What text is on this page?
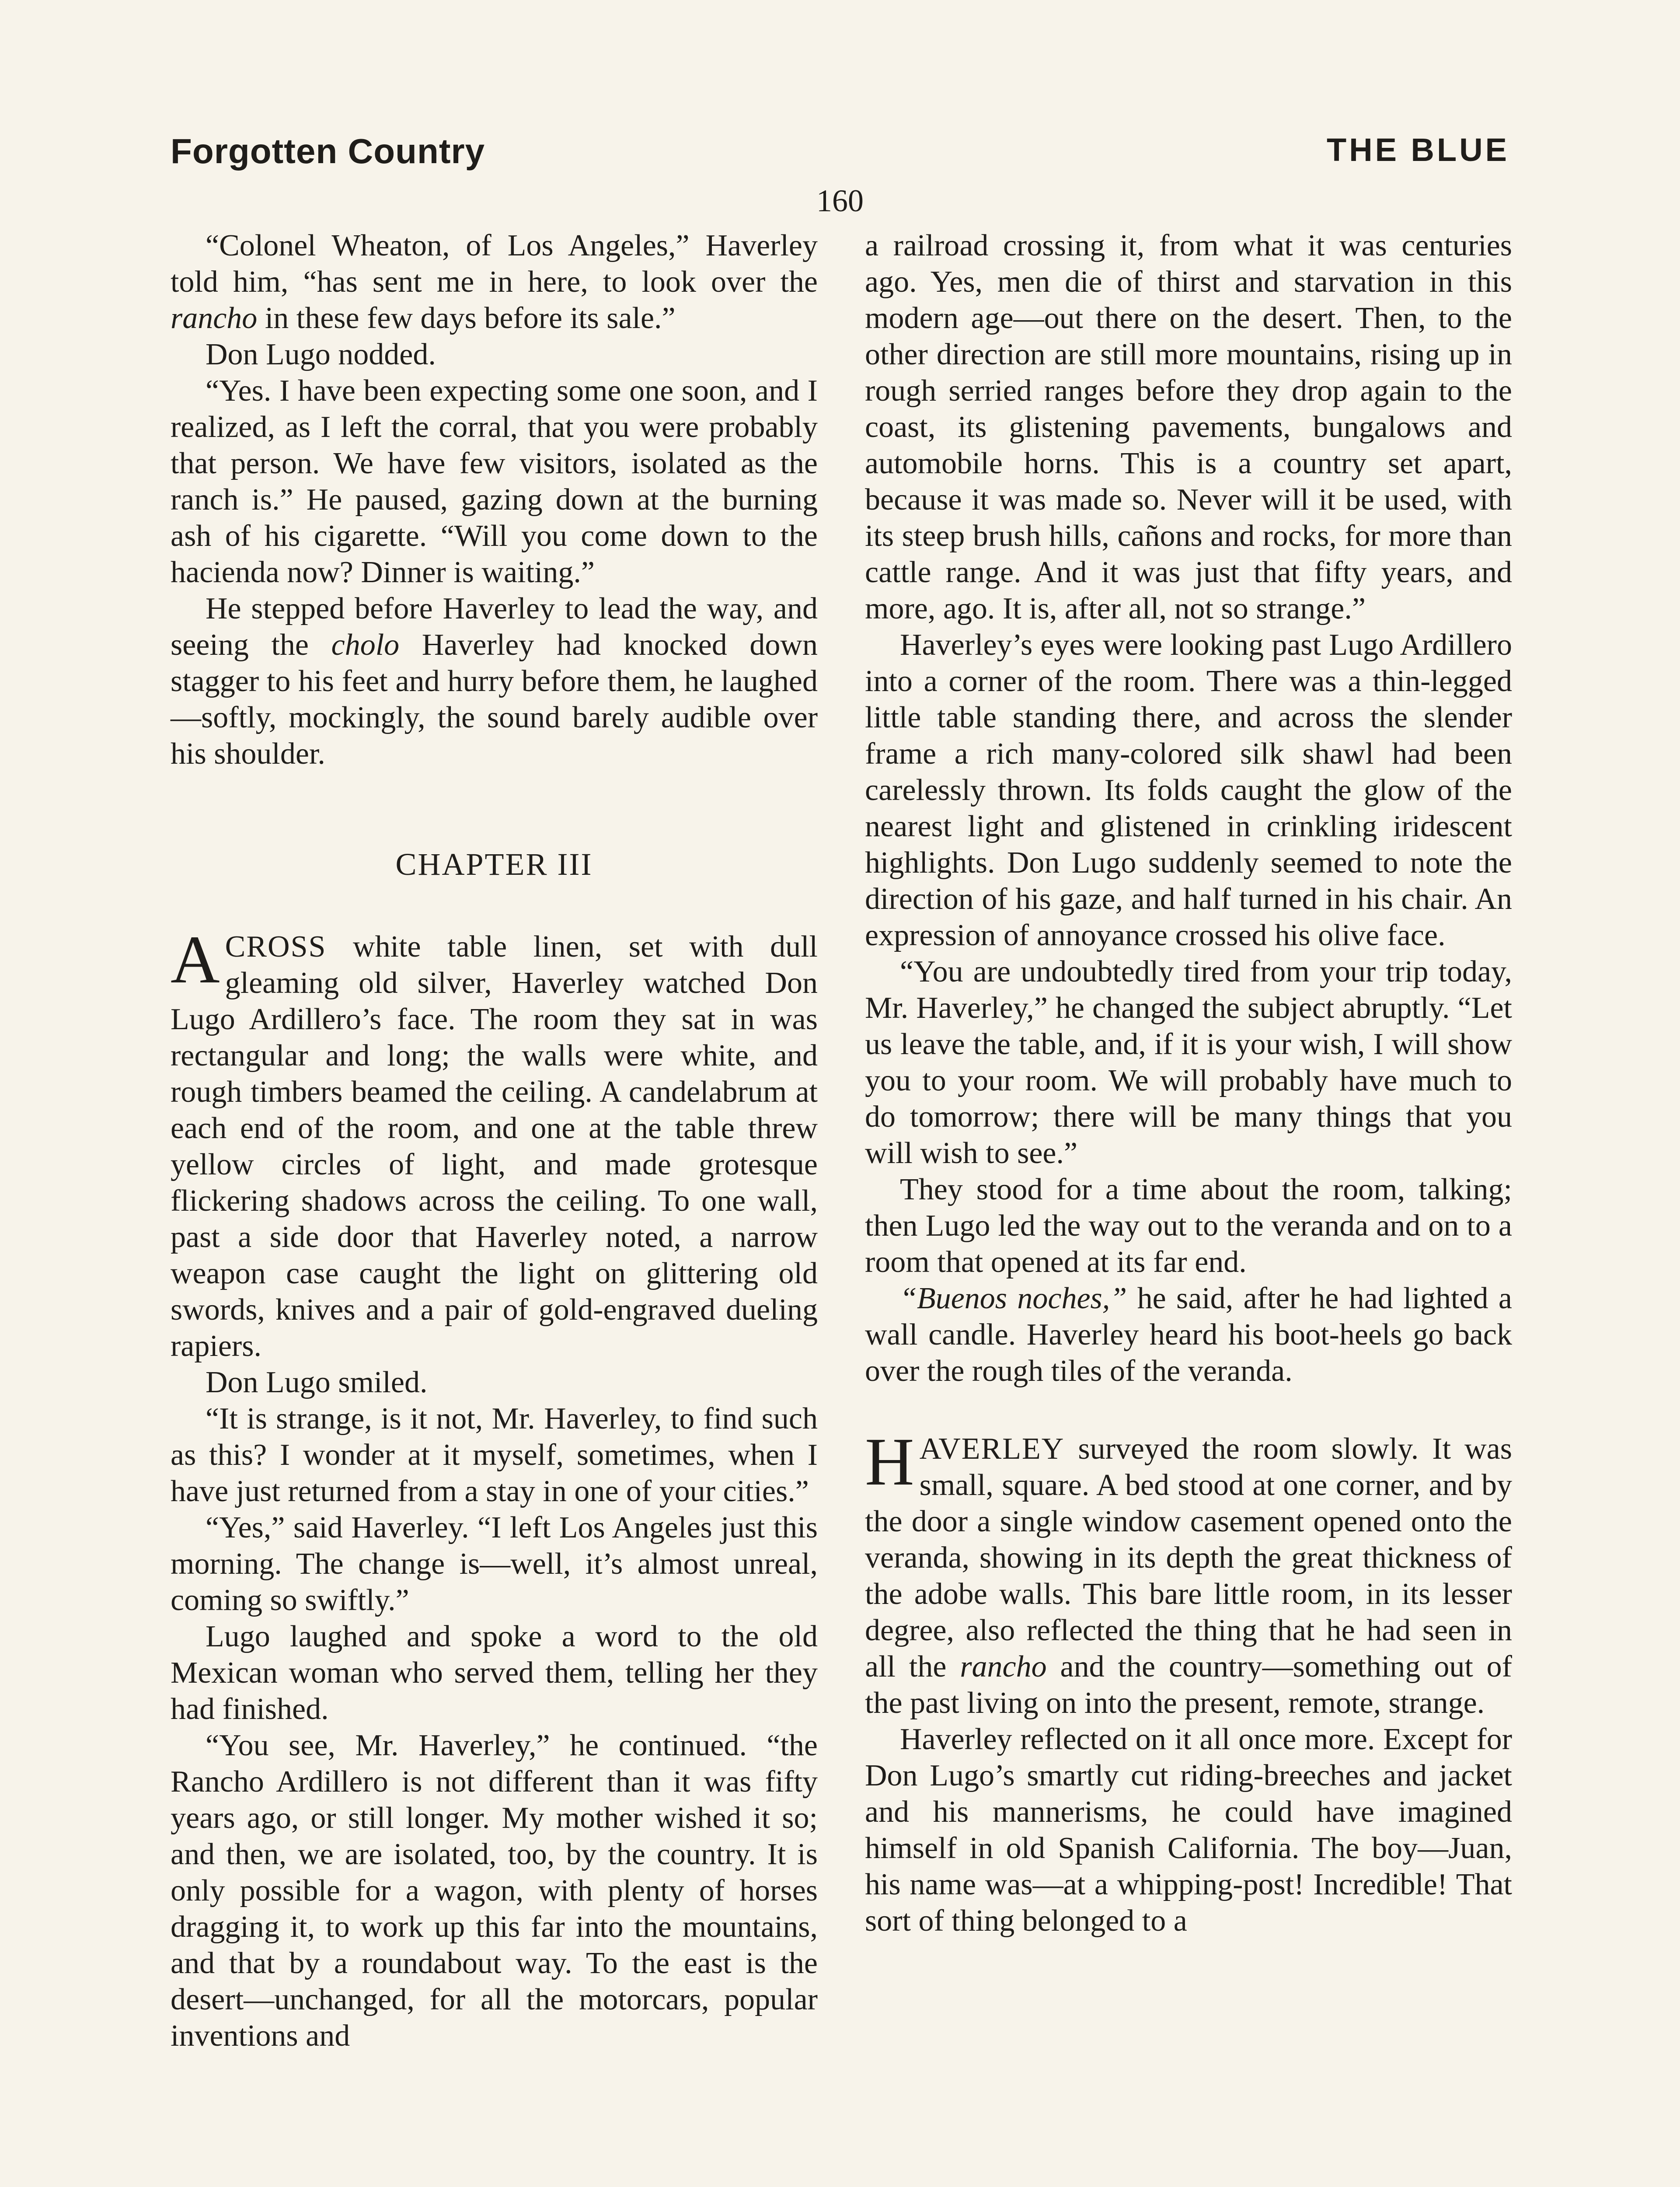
Forgotten Country	THE BLUE
160

“Colonel Wheaton, of Los Angeles,” Haverley told him, “has sent me in here, to look over the rancho in these few days before its sale.”

Don Lugo nodded.

“Yes. I have been expecting some one soon, and I realized, as I left the corral, that you were probably that person. We have few visitors, isolated as the ranch is.” He paused, gazing down at the burning ash of his cigarette. “Will you come down to the hacienda now? Dinner is waiting.”

He stepped before Haverley to lead the way, and seeing the cholo Haverley had knocked down stagger to his feet and hurry before them, he laughed—softly, mockingly, the sound barely audible over his shoulder.

CHAPTER III

ACROSS white table linen, set with dull gleaming old silver, Haverley watched Don Lugo Ardillero’s face. The room they sat in was rectangular and long; the walls were white, and rough timbers beamed the ceiling. A candelabrum at each end of the room, and one at the table threw yellow circles of light, and made grotesque flickering shadows across the ceiling. To one wall, past a side door that Haverley noted, a narrow weapon case caught the light on glittering old swords, knives and a pair of gold-engraved dueling rapiers.

Don Lugo smiled.

“It is strange, is it not, Mr. Haverley, to find such as this? I wonder at it myself, sometimes, when I have just returned from a stay in one of your cities.”

“Yes,” said Haverley. “I left Los Angeles just this morning. The change is—well, it’s almost unreal, coming so swiftly.”

Lugo laughed and spoke a word to the old Mexican woman who served them, telling her they had finished.

“You see, Mr. Haverley,” he continued. “the Rancho Ardillero is not different than it was fifty years ago, or still longer. My mother wished it so; and then, we are isolated, too, by the country. It is only possible for a wagon, with plenty of horses dragging it, to work up this far into the mountains, and that by a roundabout way. To the east is the desert—unchanged, for all the motorcars, popular inventions and

a railroad crossing it, from what it was centuries ago. Yes, men die of thirst and starvation in this modern age—out there on the desert. Then, to the other direction are still more mountains, rising up in rough serried ranges before they drop again to the coast, its glistening pavements, bungalows and automobile horns. This is a country set apart, because it was made so. Never will it be used, with its steep brush hills, cañons and rocks, for more than cattle range. And it was just that fifty years, and more, ago. It is, after all, not so strange.”

Haverley’s eyes were looking past Lugo Ardillero into a corner of the room. There was a thin-legged little table standing there, and across the slender frame a rich many-colored silk shawl had been carelessly thrown. Its folds caught the glow of the nearest light and glistened in crinkling iridescent highlights. Don Lugo suddenly seemed to note the direction of his gaze, and half turned in his chair. An expression of annoyance crossed his olive face.

“You are undoubtedly tired from your trip today, Mr. Haverley,” he changed the subject abruptly. “Let us leave the table, and, if it is your wish, I will show you to your room. We will probably have much to do tomorrow; there will be many things that you will wish to see.”

They stood for a time about the room, talking; then Lugo led the way out to the veranda and on to a room that opened at its far end.

“Buenos noches,” he said, after he had lighted a wall candle. Haverley heard his boot-heels go back over the rough tiles of the veranda.

HAVERLEY surveyed the room slowly. It was small, square. A bed stood at one corner, and by the door a single window casement opened onto the veranda, showing in its depth the great thickness of the adobe walls. This bare little room, in its lesser degree, also reflected the thing that he had seen in all the rancho and the country—something out of the past living on into the present, remote, strange.

Haverley reflected on it all once more. Except for Don Lugo’s smartly cut riding-breeches and jacket and his mannerisms, he could have imagined himself in old Spanish California. The boy—Juan, his name was—at a whipping-post! Incredible! That sort of thing belonged to a
